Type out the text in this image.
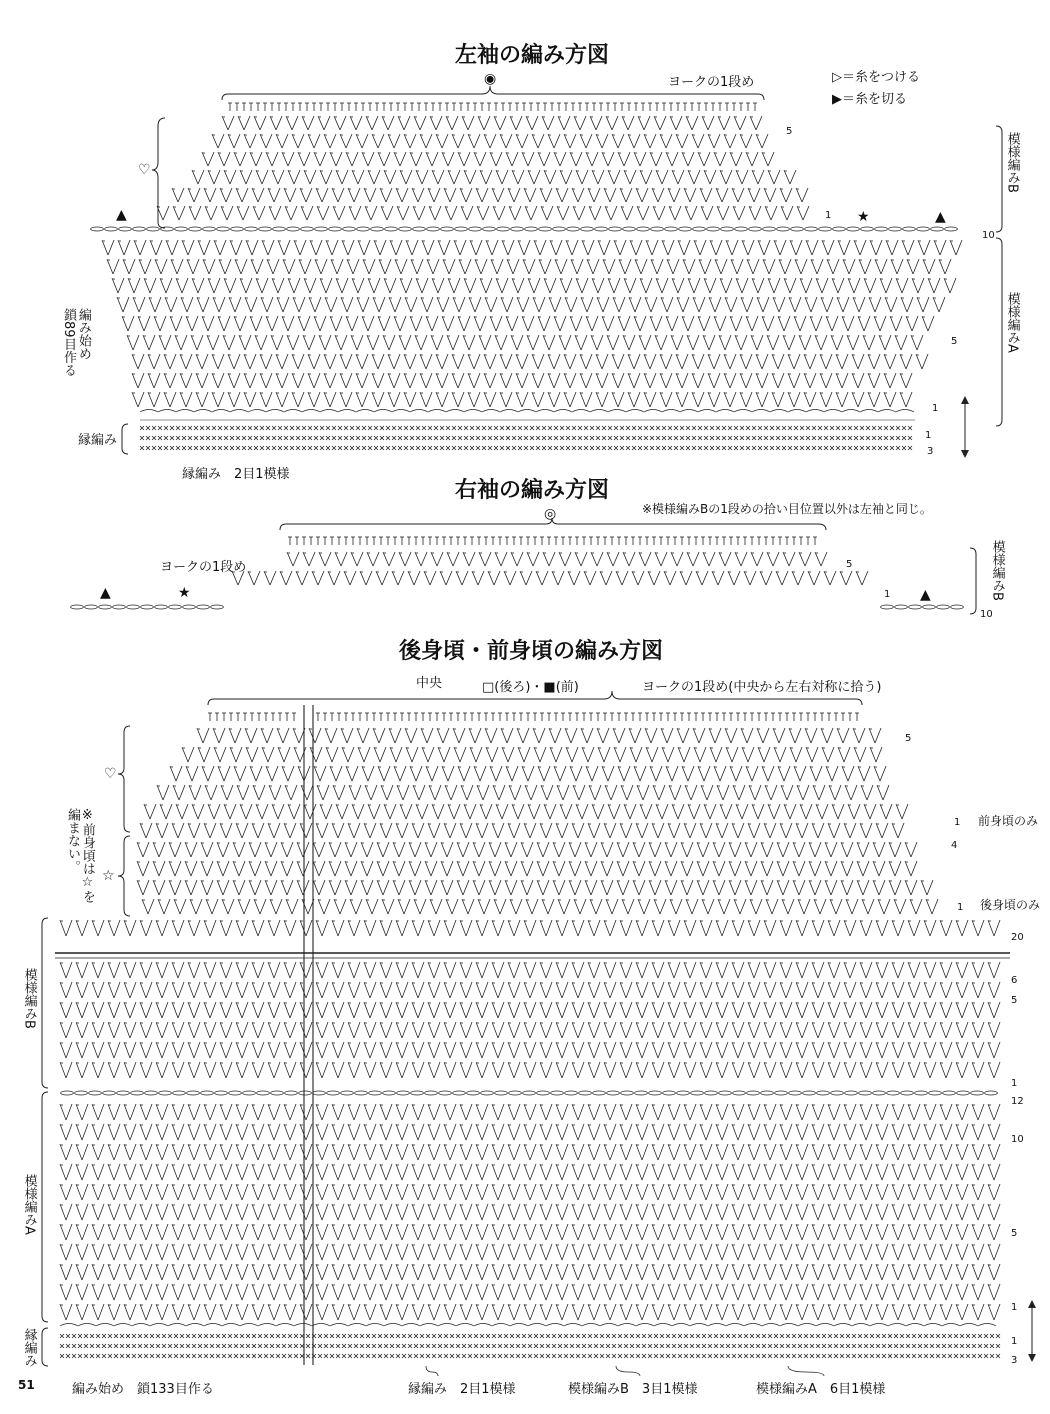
▷＝糸をつける
▶＝糸を切る
左袖の編み方図
◉	ヨークの1段め
♡
編み始め
鎖89目作る
縁編み
縁編み　2目1模様
模様編みB
模様編みA
5
10
5
1
1
1
3
★
▲	▲
右袖の編み方図
※模様編みBの1段めの拾い目位置以外は左袖と同じ。
◎
ヨークの1段め	模様編みB
5
1
10
★
▲	▲
後身頃・前身頃の編み方図
中央	□(後ろ)・■(前)	ヨークの1段め(中央から左右対称に拾う)
♡
☆
※前身頃は☆を
編まない。	前身頃のみ
後身頃のみ
模様編みB
模様編みA
縁編み
編み始め　鎖133目作る	縁編み　2目1模様	模様編みB　3目1模様	模様編みA　6目1模様
5
1
4
1
20
6
5
1
12
10
5
1
1
3
51
